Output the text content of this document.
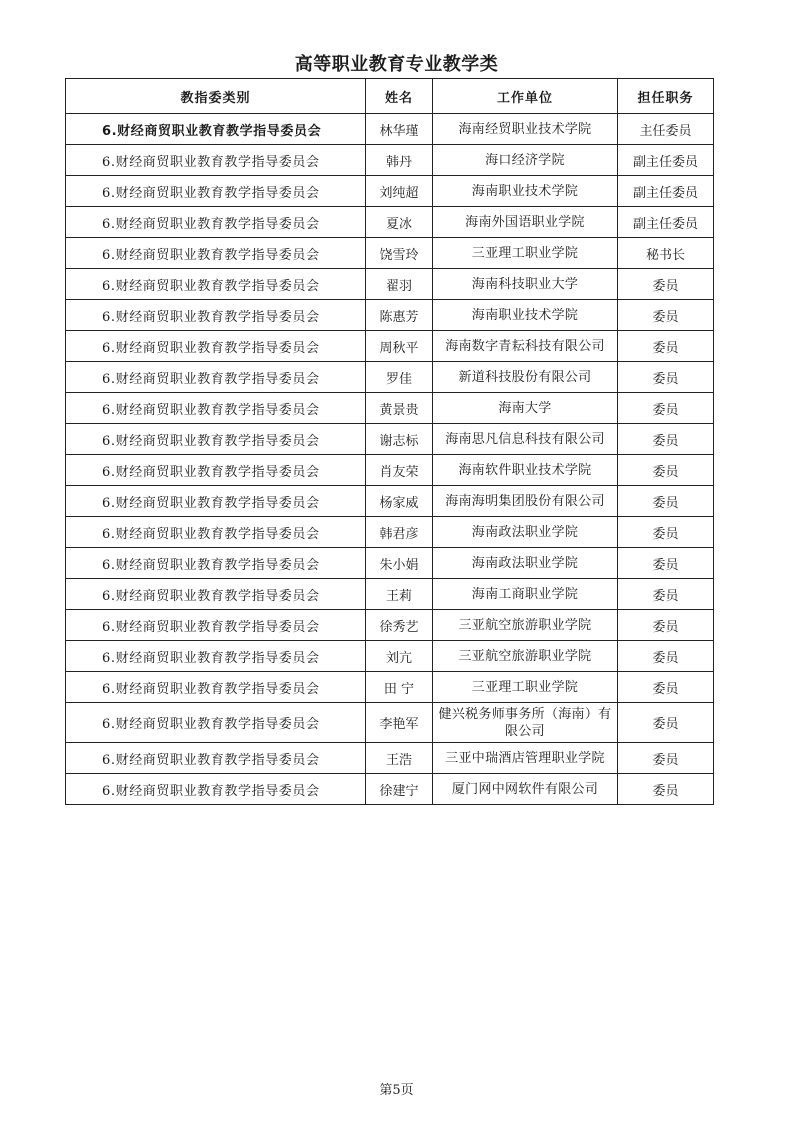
高等职业教育专业教学类
教指委类别	姓名	工作单位	担任职务
6.财经商贸职业教育教学指导委员会	林华瑾	海南经贸职业技术学院	主任委员
6.财经商贸职业教育教学指导委员会	韩丹	海口经济学院	副主任委员
6.财经商贸职业教育教学指导委员会	刘纯超	海南职业技术学院	副主任委员
6.财经商贸职业教育教学指导委员会	夏冰	海南外国语职业学院	副主任委员
6.财经商贸职业教育教学指导委员会	饶雪玲	三亚理工职业学院	秘书长
6.财经商贸职业教育教学指导委员会	翟羽	海南科技职业大学	委员
6.财经商贸职业教育教学指导委员会	陈惠芳	海南职业技术学院	委员
6.财经商贸职业教育教学指导委员会	周秋平	海南数字青耘科技有限公司	委员
6.财经商贸职业教育教学指导委员会	罗佳	新道科技股份有限公司	委员
6.财经商贸职业教育教学指导委员会	黄景贵	海南大学	委员
6.财经商贸职业教育教学指导委员会	谢志标	海南思凡信息科技有限公司	委员
6.财经商贸职业教育教学指导委员会	肖友荣	海南软件职业技术学院	委员
6.财经商贸职业教育教学指导委员会	杨家威	海南海明集团股份有限公司	委员
6.财经商贸职业教育教学指导委员会	韩君彦	海南政法职业学院	委员
6.财经商贸职业教育教学指导委员会	朱小娟	海南政法职业学院	委员
6.财经商贸职业教育教学指导委员会	王莉	海南工商职业学院	委员
6.财经商贸职业教育教学指导委员会	徐秀艺	三亚航空旅游职业学院	委员
6.财经商贸职业教育教学指导委员会	刘亢	三亚航空旅游职业学院	委员
6.财经商贸职业教育教学指导委员会	田 宁	三亚理工职业学院	委员
6.财经商贸职业教育教学指导委员会	李艳军	健兴税务师事务所（海南）有限公司	委员
6.财经商贸职业教育教学指导委员会	王浩	三亚中瑞酒店管理职业学院	委员
6.财经商贸职业教育教学指导委员会	徐建宁	厦门网中网软件有限公司	委员
第5页
